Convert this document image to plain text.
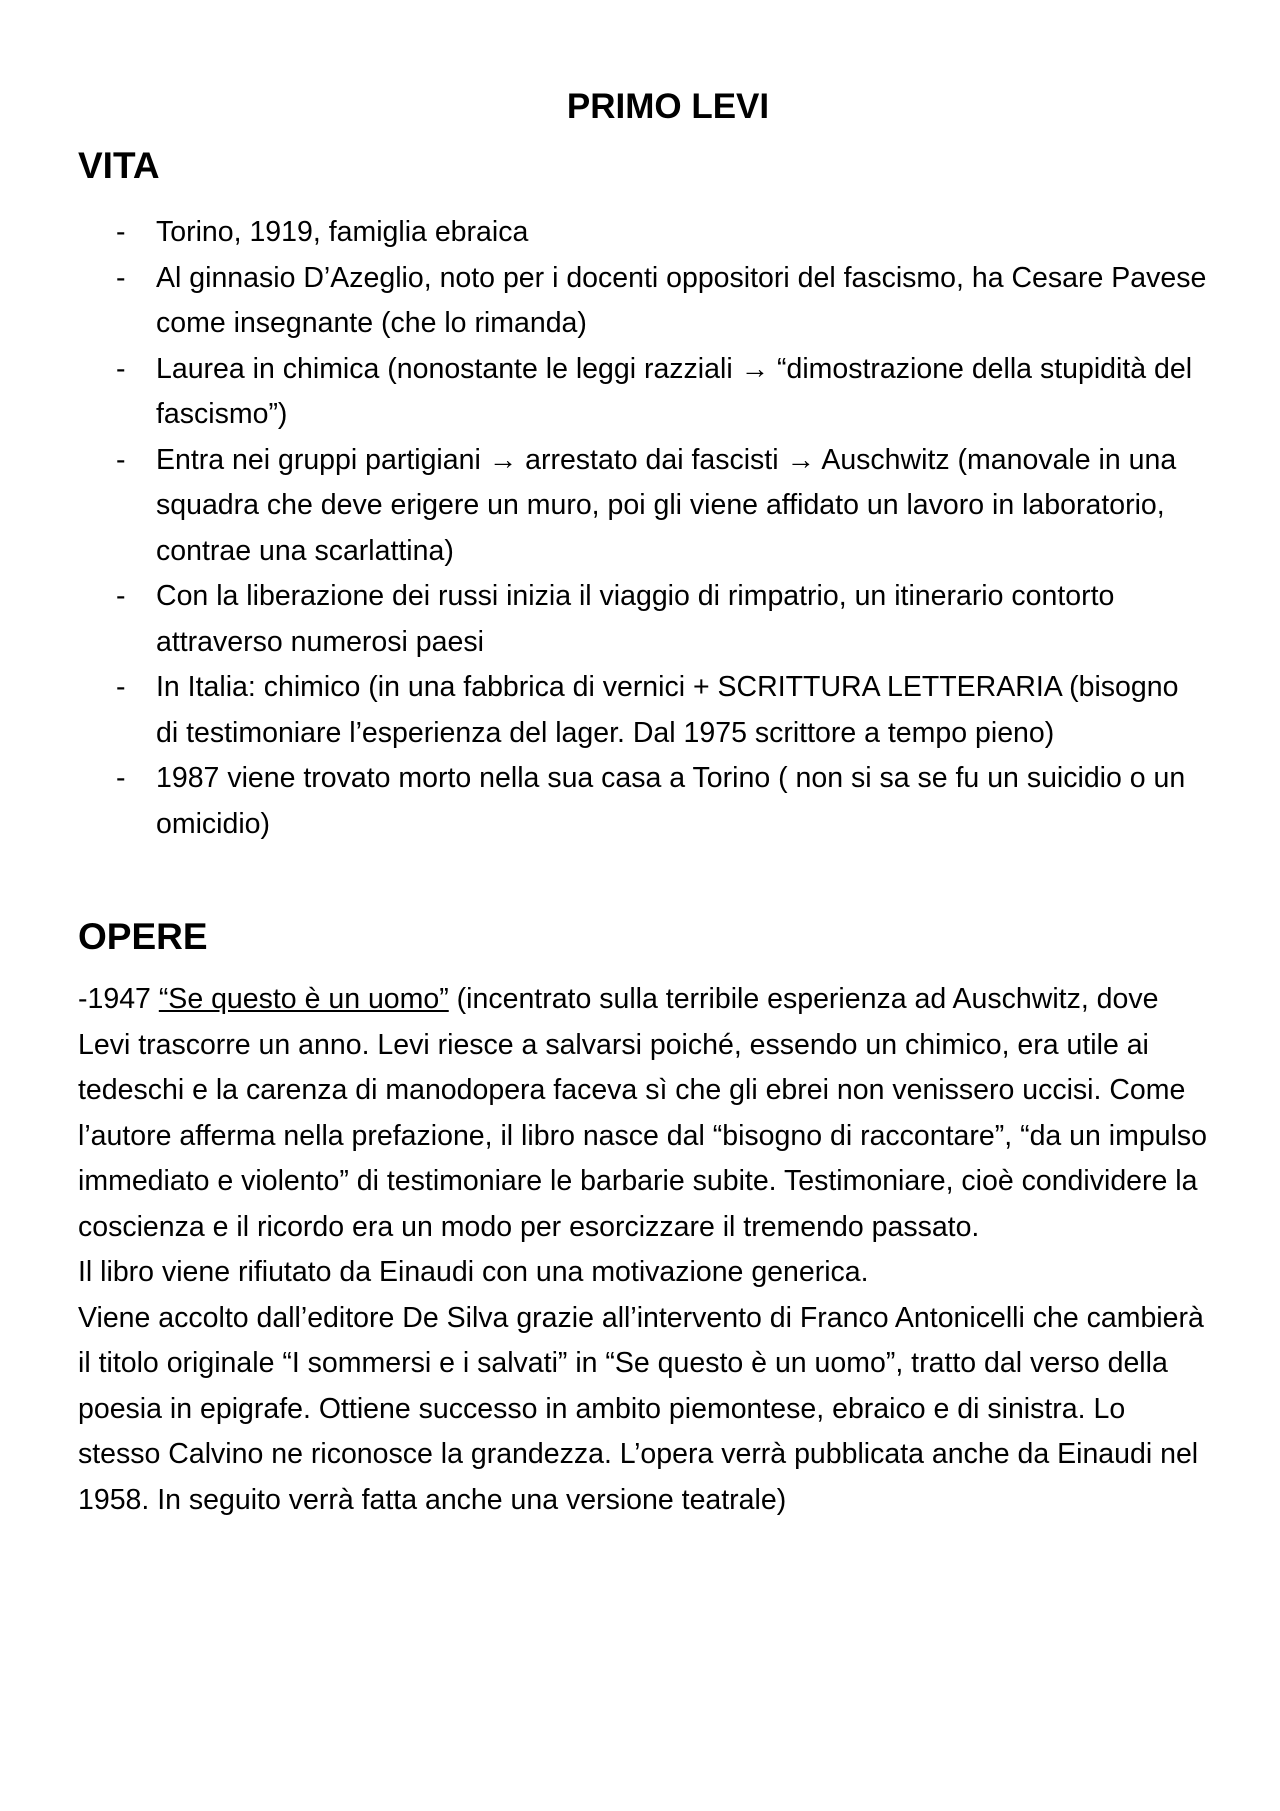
PRIMO LEVI
VITA
- Torino, 1919, famiglia ebraica
- Al ginnasio D’Azeglio, noto per i docenti oppositori del fascismo, ha Cesare Pavese come insegnante (che lo rimanda)
- Laurea in chimica (nonostante le leggi razziali → “dimostrazione della stupidità del fascismo”)
- Entra nei gruppi partigiani → arrestato dai fascisti → Auschwitz (manovale in una squadra che deve erigere un muro, poi gli viene affidato un lavoro in laboratorio, contrae una scarlattina)
- Con la liberazione dei russi inizia il viaggio di rimpatrio, un itinerario contorto attraverso numerosi paesi
- In Italia: chimico (in una fabbrica di vernici + SCRITTURA LETTERARIA (bisogno di testimoniare l’esperienza del lager. Dal 1975 scrittore a tempo pieno)
- 1987 viene trovato morto nella sua casa a Torino ( non si sa se fu un suicidio o un omicidio)
OPERE

-1947 “Se questo è un uomo” (incentrato sulla terribile esperienza ad Auschwitz, dove Levi trascorre un anno. Levi riesce a salvarsi poiché, essendo un chimico, era utile ai tedeschi e la carenza di manodopera faceva sì che gli ebrei non venissero uccisi. Come l’autore afferma nella prefazione, il libro nasce dal “bisogno di raccontare”, “da un impulso immediato e violento” di testimoniare le barbarie subite. Testimoniare, cioè condividere la coscienza e il ricordo era un modo per esorcizzare il tremendo passato.

Il libro viene rifiutato da Einaudi con una motivazione generica.

Viene accolto dall’editore De Silva grazie all’intervento di Franco Antonicelli che cambierà il titolo originale “I sommersi e i salvati” in “Se questo è un uomo”, tratto dal verso della poesia in epigrafe. Ottiene successo in ambito piemontese, ebraico e di sinistra. Lo stesso Calvino ne riconosce la grandezza. L’opera verrà pubblicata anche da Einaudi nel 1958. In seguito verrà fatta anche una versione teatrale)
